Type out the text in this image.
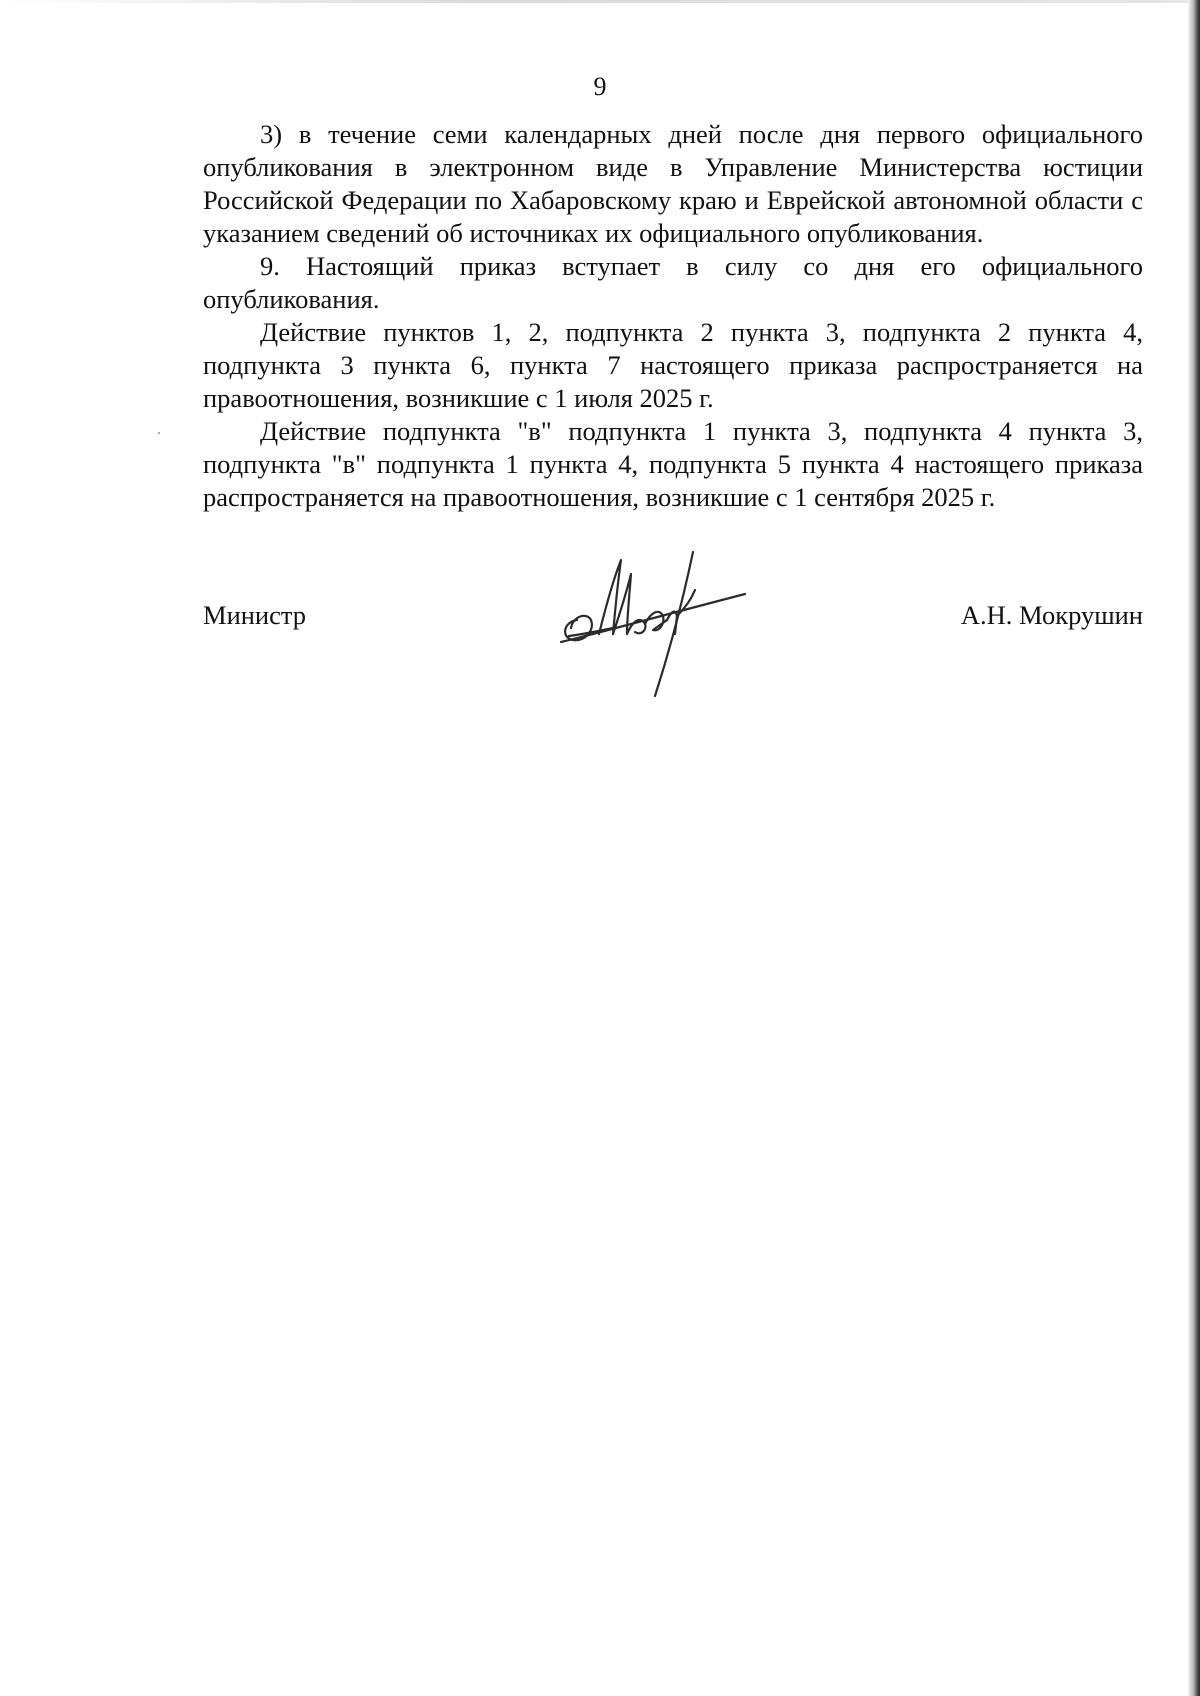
9

3) в течение семи календарных дней после дня первого официального опубликования в электронном виде в Управление Министерства юстиции Российской Федерации по Хабаровскому краю и Еврейской автономной области с указанием сведений об источниках их официального опубликования.

9. Настоящий приказ вступает в силу со дня его официального опубликования.

Действие пунктов 1, 2, подпункта 2 пункта 3, подпункта 2 пункта 4, подпункта 3 пункта 6, пункта 7 настоящего приказа распространяется на правоотношения, возникшие с 1 июля 2025 г.

Действие подпункта "в" подпункта 1 пункта 3, подпункта 4 пункта 3, подпункта "в" подпункта 1 пункта 4, подпункта 5 пункта 4 настоящего приказа распространяется на правоотношения, возникшие с 1 сентября 2025 г.

Министр	А.Н. Мокрушин
